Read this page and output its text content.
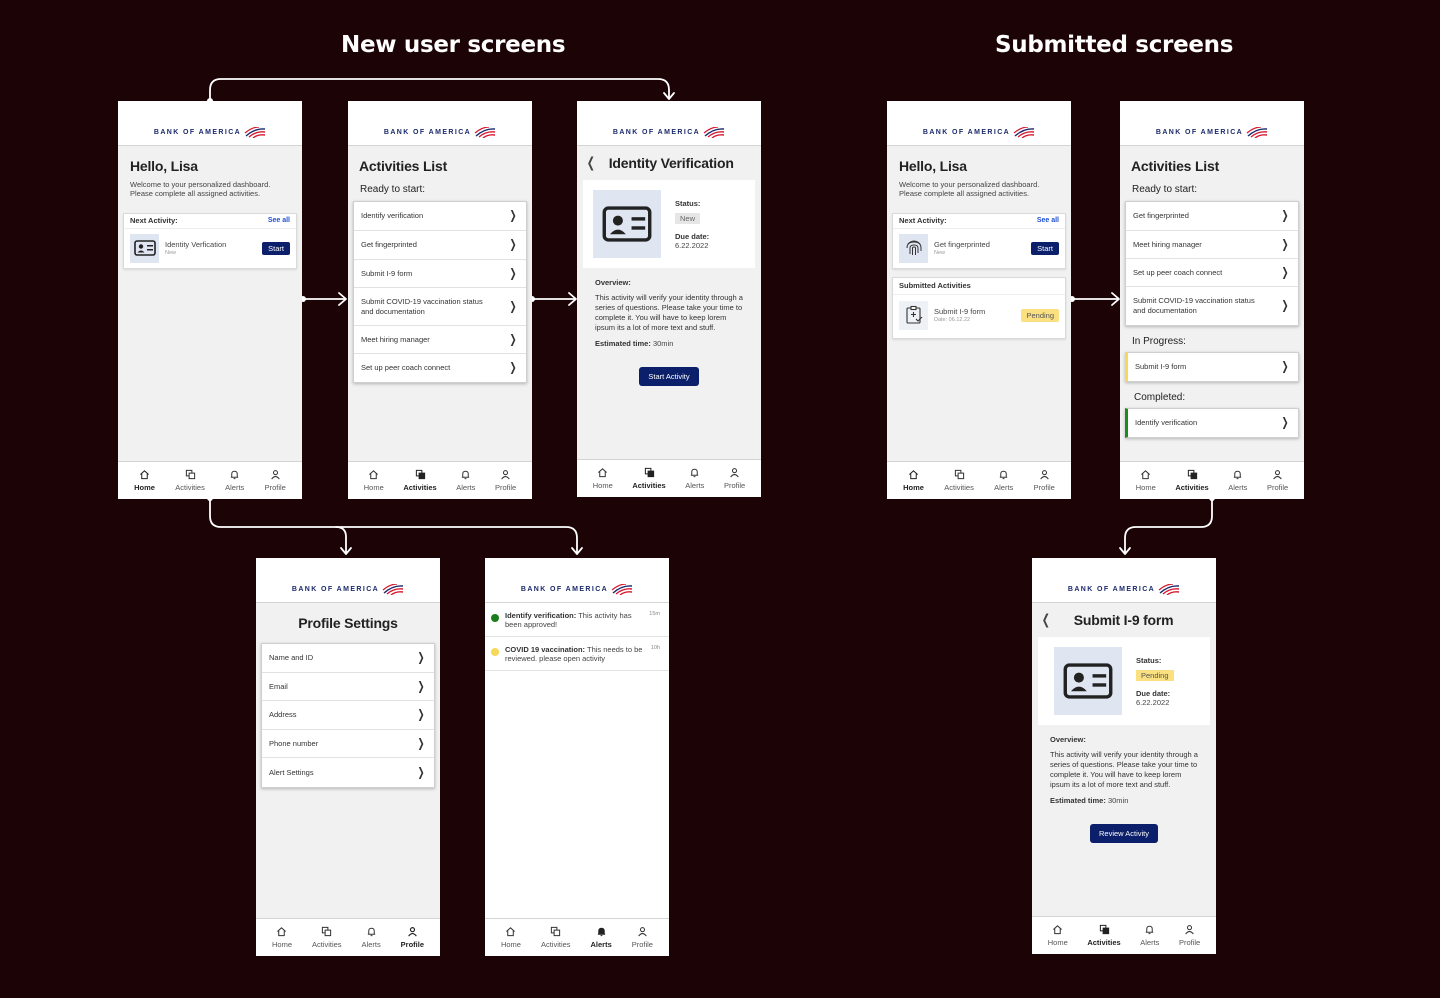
New user screens	Submitted screens
BANK OF AMERICA
Hello, Lisa
Welcome to your personalized dashboard. Please complete all assigned activities.
Next Activity:	See all
Identity Verfication
New
Start
Home	Activities	Alerts	Profile
BANK OF AMERICA
Activities List
Ready to start:
Identify verification	❯
Get fingerprinted	❯
Submit I-9 form	❯
Submit COVID-19 vaccination status and documentation	❯
Meet hiring manager	❯
Set up peer coach connect	❯
Home	Activities	Alerts	Profile
BANK OF AMERICA
❮ Identity Verification
Status:
New
Due date:
6.22.2022
Overview:
This activity will verify your identity through a series of questions. Please take your time to complete it. You will have to keep lorem ipsum its a lot of more text and stuff.
Estimated time: 30min
Start Activity
Home	Activities	Alerts	Profile
BANK OF AMERICA
Hello, Lisa
Welcome to your personalized dashboard. Please complete all assigned activities.
Next Activity:	See all
Get fingerprinted
New
Start
Submitted Activities
Submit I-9 form
Date: 06.12.22
Pending
Home	Activities	Alerts	Profile
BANK OF AMERICA
Activities List
Ready to start:
Get fingerprinted	❯
Meet hiring manager	❯
Set up peer coach connect	❯
Submit COVID-19 vaccination status and documentation	❯
In Progress:
Submit I-9 form	❯
Completed:
Identify verification	❯
Home	Activities	Alerts	Profile
BANK OF AMERICA
Profile Settings
Name and ID	❯
Email	❯
Address	❯
Phone number	❯
Alert Settings	❯
Home	Activities	Alerts	Profile
BANK OF AMERICA
Identify verification: This activity has been approved!
15m
COVID 19 vaccination: This needs to be reviewed. please open activity
10h
Home	Activities	Alerts	Profile
BANK OF AMERICA
❮ Submit I-9 form
Status:
Pending
Due date:
6.22.2022
Overview:
This activity will verify your identity through a series of questions. Please take your time to complete it. You will have to keep lorem ipsum its a lot of more text and stuff.
Estimated time: 30min
Review Activity
Home	Activities	Alerts	Profile
